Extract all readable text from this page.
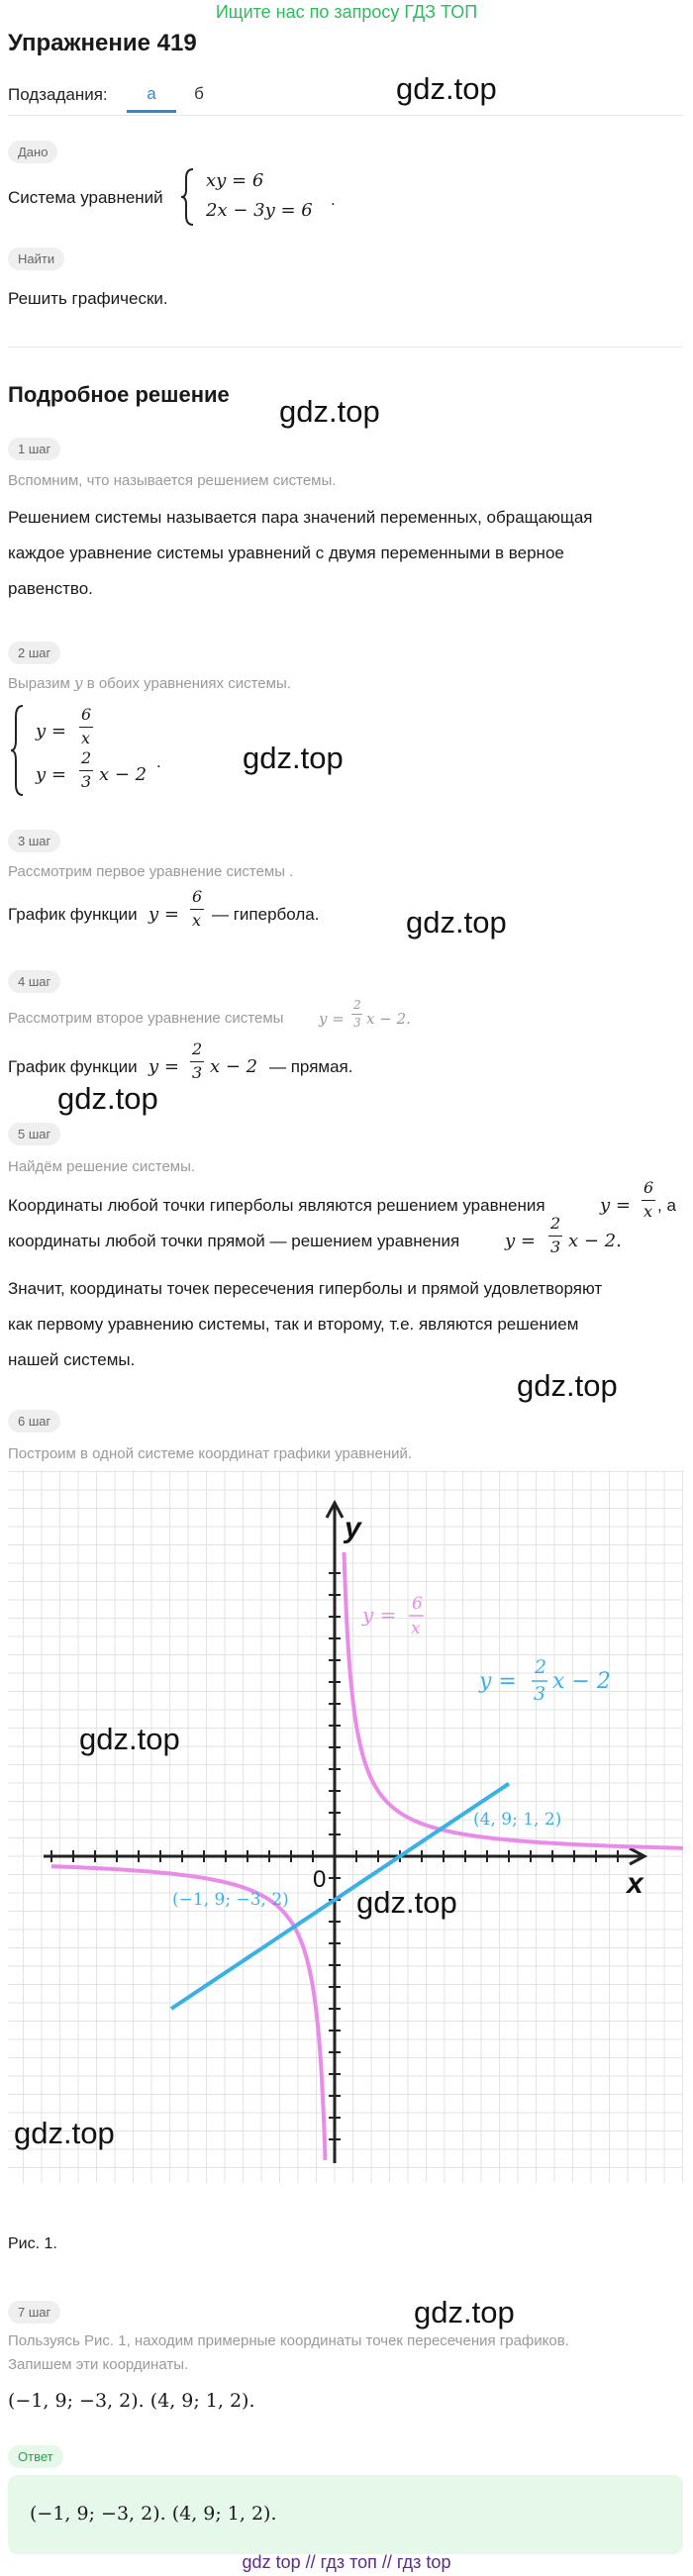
Ищите нас по запросу ГДЗ ТОП
Упражнение 419
Подзадания:	а	б	gdz.top
Дано
Система уравнений
xy = 6
2x − 3y = 6
.
Найти
Решить графически.
Подробное решение gdz.top
1 шаг
Вспомним, что называется решением системы.
Решением системы называется пара значений переменных, обращающая
каждое уравнение системы уравнений с двумя переменными в верное
равенство.
2 шаг
Выразим y в обоих уравнениях системы.
y =
6
x
y =
2
3 x − 2
.	gdz.top
3 шаг
Рассмотрим первое уравнение системы .
График функции y =
6
x — гипербола.	gdz.top
4 шаг
Рассмотрим второе уравнение системы y =
2
3 x − 2.
График функции y =
2
3 x − 2 — прямая.
gdz.top
5 шаг
Найдём решение системы.
Координаты любой точки гиперболы являются решением уравнения	y =
6
x , а
координаты любой точки прямой — решением уравнения	y =
2
3 x − 2.
Значит, координаты точек пересечения гиперболы и прямой удовлетворяют
как первому уравнению системы, так и второму, т.е. являются решением
нашей системы.
gdz.top
6 шаг
Построим в одной системе координат графики уравнений.
y
x
0
y = 6
x
y =
2
3 x − 2
(4, 9; 1, 2)
(−1, 9; −3, 2)
gdz.top
gdz.top
gdz.top
Рис. 1.
gdz.top
7 шаг
Пользуясь Рис. 1, находим примерные координаты точек пересечения графиков.
Запишем эти координаты.
(−1, 9; −3, 2). (4, 9; 1, 2).
Ответ
(−1, 9; −3, 2). (4, 9; 1, 2).
gdz top // гдз топ // гдз top
